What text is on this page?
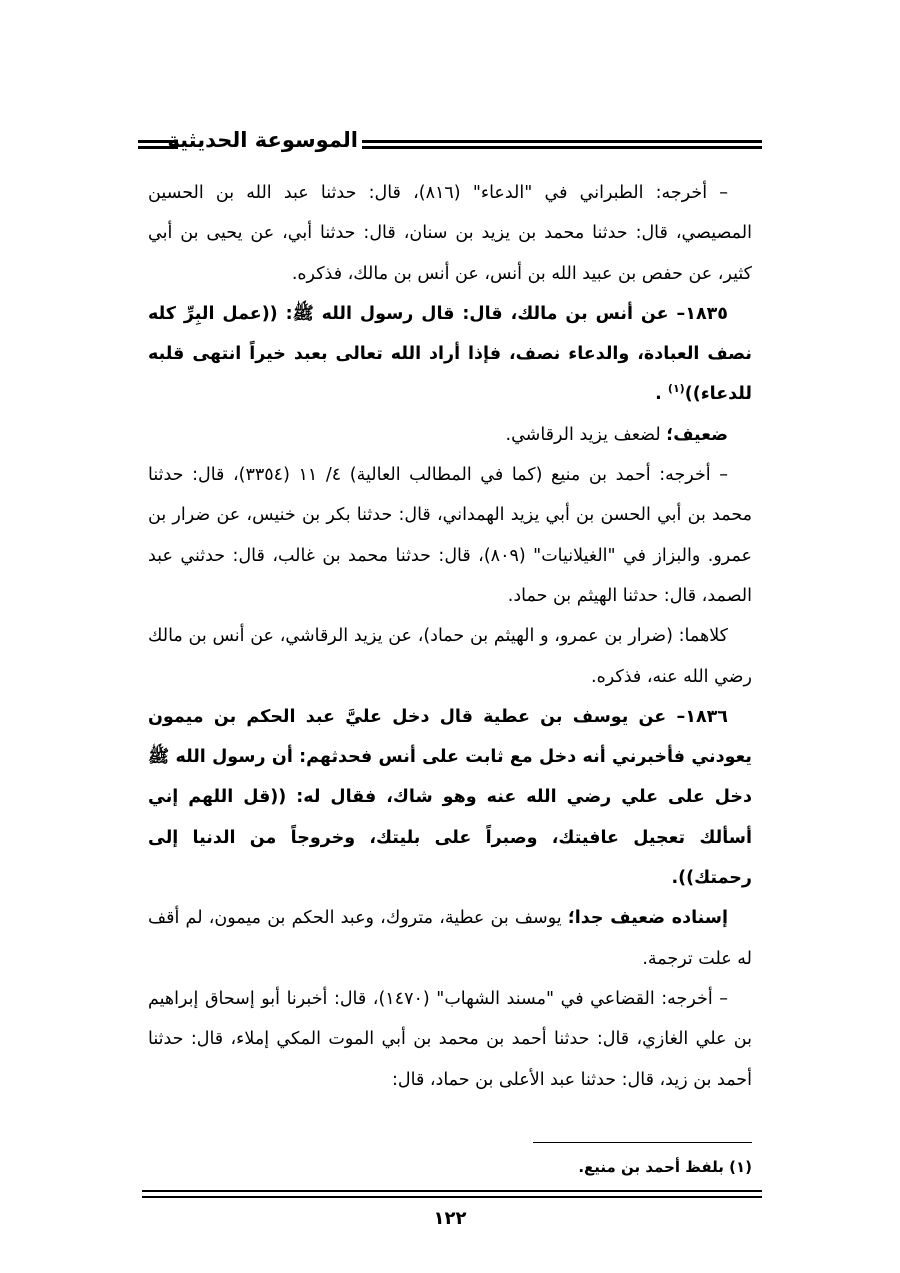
الموسوعة الحديثية

– أخرجه: الطبراني في "الدعاء" (٨١٦)، قال: حدثنا عبد الله بن الحسين المصيصي، قال: حدثنا محمد بن يزيد بن سنان، قال: حدثنا أبي، عن يحيى بن أبي كثير، عن حفص بن عبيد الله بن أنس، عن أنس بن مالك، فذكره.

١٨٣٥– عن أنس بن مالك، قال: قال رسول الله ﷺ: ((عمل البِرِّ كله نصف العبادة، والدعاء نصف، فإذا أراد الله تعالى بعبد خيراً انتهى قلبه للدعاء))$^{(١)}$ .

ضعيف؛ لضعف يزيد الرقاشي.

– أخرجه: أحمد بن منيع (كما في المطالب العالية) ٤/ ١١ (٣٣٥٤)، قال: حدثنا محمد بن أبي الحسن بن أبي يزيد الهمداني، قال: حدثنا بكر بن خنيس، عن ضرار بن عمرو. والبزاز في "الغيلانيات" (٨٠٩)، قال: حدثنا محمد بن غالب، قال: حدثني عبد الصمد، قال: حدثنا الهيثم بن حماد.

كلاهما: (ضرار بن عمرو، و الهيثم بن حماد)، عن يزيد الرقاشي، عن أنس بن مالك رضي الله عنه، فذكره.

١٨٣٦– عن يوسف بن عطية قال دخل عليَّ عبد الحكم بن ميمون يعودني فأخبرني أنه دخل مع ثابت على أنس فحدثهم: أن رسول الله ﷺ دخل على علي رضي الله عنه وهو شاك، فقال له: ((قل اللهم إني أسألك تعجيل عافيتك، وصبراً على بليتك، وخروجاً من الدنيا إلى رحمتك)).

إسناده ضعيف جدا؛ يوسف بن عطية، متروك، وعبد الحكم بن ميمون، لم أقف له علت ترجمة.

– أخرجه: القضاعي في "مسند الشهاب" (١٤٧٠)، قال: أخبرنا أبو إسحاق إبراهيم بن علي الغازي، قال: حدثنا أحمد بن محمد بن أبي الموت المكي إملاء، قال: حدثنا أحمد بن زيد، قال: حدثنا عبد الأعلى بن حماد، قال:

(١) بلفظ أحمد بن منيع.
١٢٢
